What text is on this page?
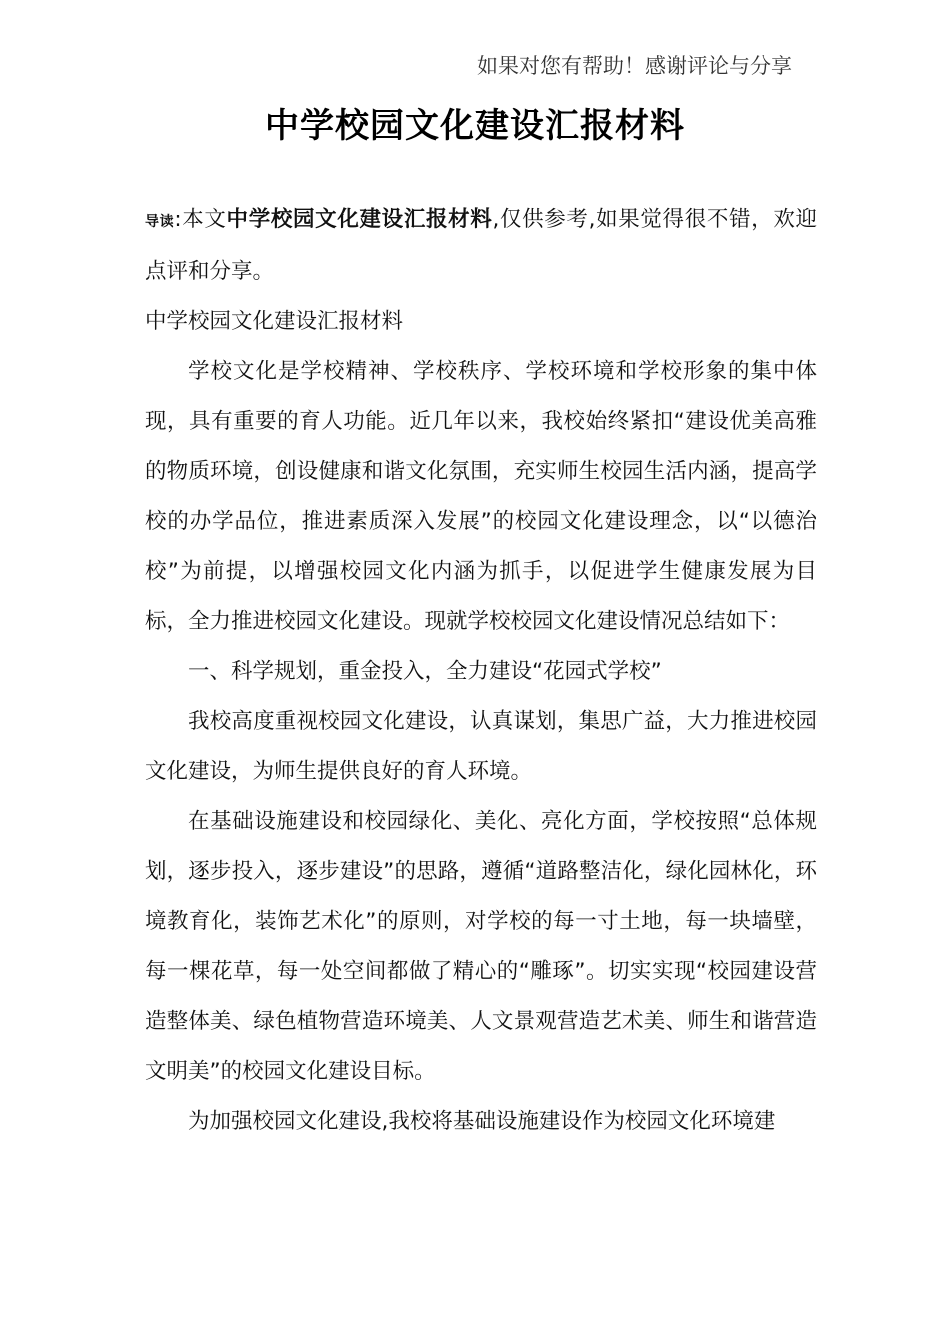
如果对您有帮助！感谢评论与分享
中学校园文化建设汇报材料

导读:本文中学校园文化建设汇报材料,仅供参考,如果觉得很不错，欢迎点评和分享。

中学校园文化建设汇报材料

学校文化是学校精神、学校秩序、学校环境和学校形象的集中体现，具有重要的育人功能。近几年以来，我校始终紧扣“建设优美高雅的物质环境，创设健康和谐文化氛围，充实师生校园生活内涵，提高学校的办学品位，推进素质深入发展”的校园文化建设理念，以“以德治校”为前提，以增强校园文化内涵为抓手，以促进学生健康发展为目标，全力推进校园文化建设。现就学校校园文化建设情况总结如下：

一、科学规划，重金投入，全力建设“花园式学校”

我校高度重视校园文化建设，认真谋划，集思广益，大力推进校园文化建设，为师生提供良好的育人环境。

在基础设施建设和校园绿化、美化、亮化方面，学校按照“总体规划，逐步投入，逐步建设”的思路，遵循“道路整洁化，绿化园林化，环境教育化，装饰艺术化”的原则，对学校的每一寸土地，每一块墙壁，每一棵花草，每一处空间都做了精心的“雕琢”。切实实现“校园建设营造整体美、绿色植物营造环境美、人文景观营造艺术美、师生和谐营造文明美”的校园文化建设目标。

为加强校园文化建设,我校将基础设施建设作为校园文化环境建
